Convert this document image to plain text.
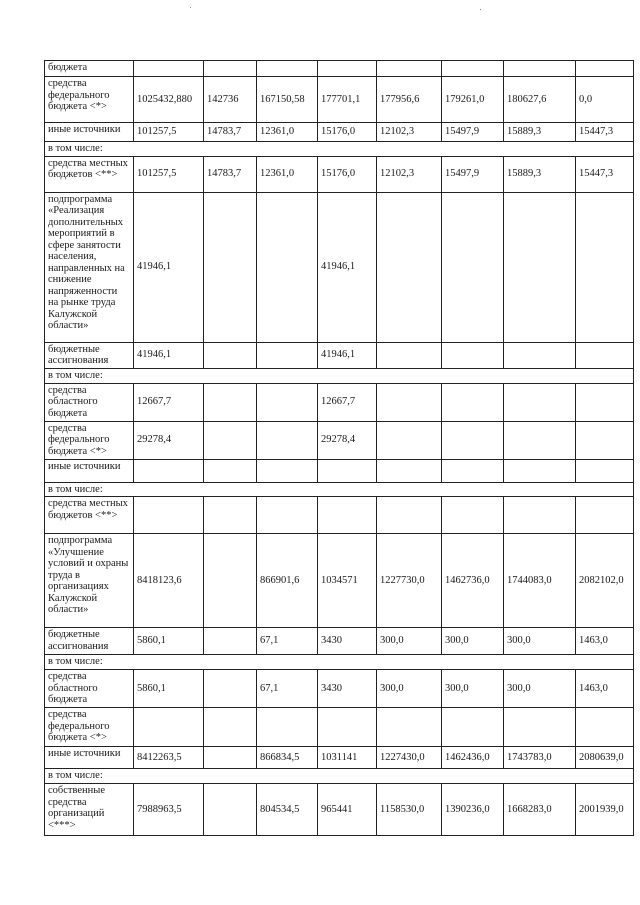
бюджета								
средства федерального бюджета <*>	1025432,880	142736	167150,58	177701,1	177956,6	179261,0	180627,6	0,0
иные источники	101257,5	14783,7	12361,0	15176,0	12102,3	15497,9	15889,3	15447,3
в том числе:								
средства местных бюджетов <**>	101257,5	14783,7	12361,0	15176,0	12102,3	15497,9	15889,3	15447,3
подпрограмма «Реализация дополнительных мероприятий в сфере занятости населения, направленных на снижение напряженности на рынке труда Калужской области»	41946,1			41946,1				
бюджетные ассигнования	41946,1			41946,1				
в том числе:								
средства областного бюджета	12667,7			12667,7				
средства федерального бюджета <*>	29278,4			29278,4				
иные источники								
в том числе:								
средства местных бюджетов <**>								
подпрограмма «Улучшение условий и охраны труда в организациях Калужской области»	8418123,6		866901,6	1034571	1227730,0	1462736,0	1744083,0	2082102,0
бюджетные ассигнования	5860,1		67,1	3430	300,0	300,0	300,0	1463,0
в том числе:								
средства областного бюджета	5860,1		67,1	3430	300,0	300,0	300,0	1463,0
средства федерального бюджета <*>								
иные источники	8412263,5		866834,5	1031141	1227430,0	1462436,0	1743783,0	2080639,0
в том числе:								
собственные средства организаций <***>	7988963,5		804534,5	965441	1158530,0	1390236,0	1668283,0	2001939,0
